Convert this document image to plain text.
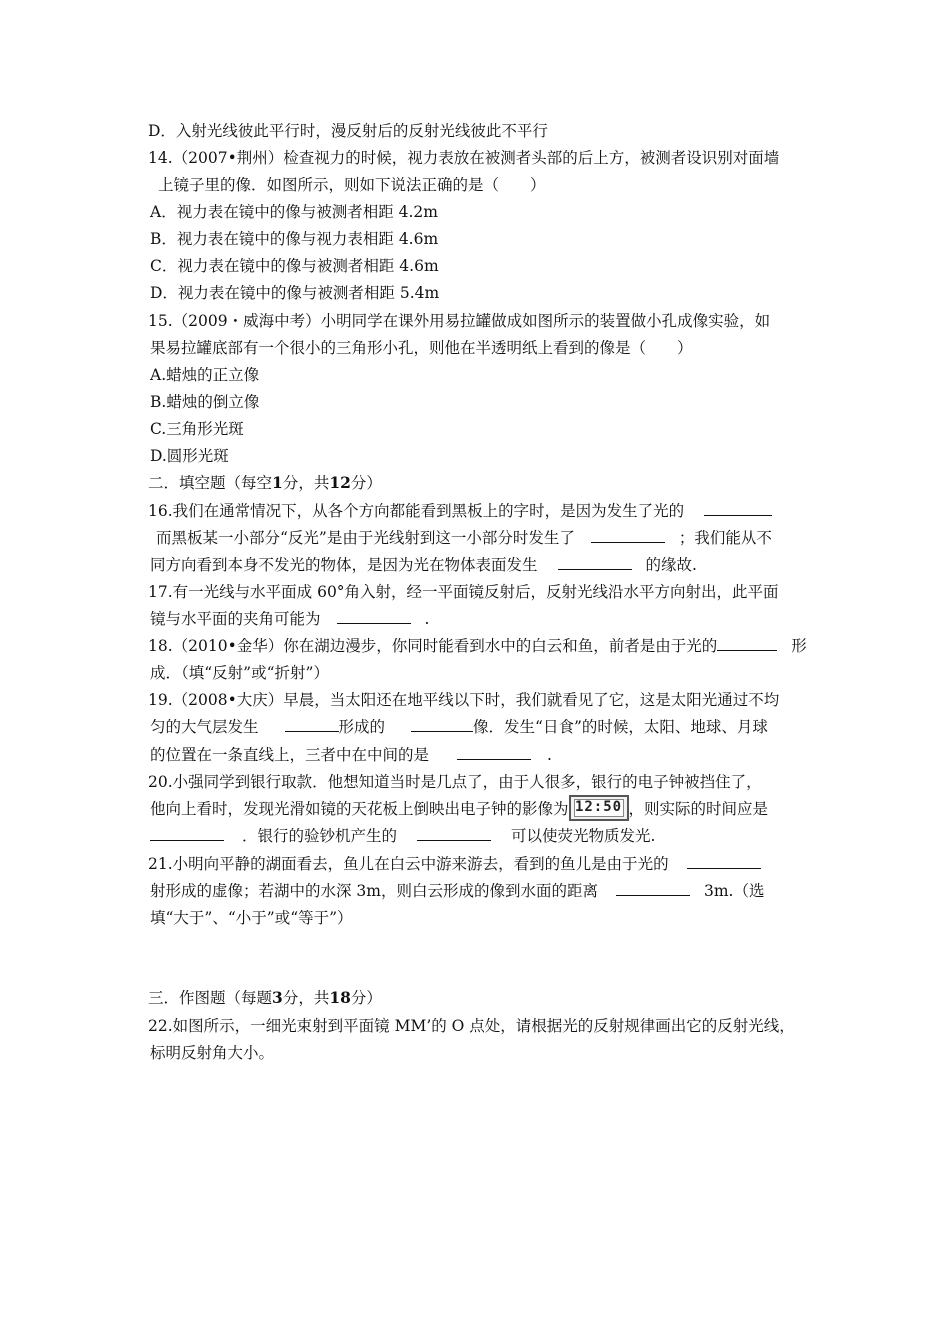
D．入射光线彼此平行时，漫反射后的反射光线彼此不平行
14.（2007•荆州）检查视力的时候，视力表放在被测者头部的后上方，被测者设识别对面墙
上镜子里的像．如图所示，则如下说法正确的是（　　）
A．视力表在镜中的像与被测者相距 4.2m
B．视力表在镜中的像与视力表相距 4.6m
C．视力表在镜中的像与被测者相距 4.6m
D．视力表在镜中的像与被测者相距 5.4m
15.（2009・威海中考）小明同学在课外用易拉罐做成如图所示的装置做小孔成像实验，如
果易拉罐底部有一个很小的三角形小孔，则他在半透明纸上看到的像是（　　）
A.蜡烛的正立像
B.蜡烛的倒立像
C.三角形光斑
D.圆形光斑
二．填空题（每空1分，共12分）
16.我们在通常情况下，从各个方向都能看到黑板上的字时，是因为发生了光的
而黑板某一小部分“反光”是由于光线射到这一小部分时发生了	；我们能从不
同方向看到本身不发光的物体，是因为光在物体表面发生	的缘故.
17.有一光线与水平面成 60°角入射，经一平面镜反射后，反射光线沿水平方向射出，此平面
镜与水平面的夹角可能为	.
18.（2010•金华）你在湖边漫步，你同时能看到水中的白云和鱼，前者是由于光的	形
成．（填“反射”或“折射”）
19.（2008•大庆）早晨，当太阳还在地平线以下时，我们就看见了它，这是太阳光通过不均
匀的大气层发生	形成的	像．发生“日食”的时候，太阳、地球、月球
的位置在一条直线上，三者中在中间的是	.
20.小强同学到银行取款．他想知道当时是几点了，由于人很多，银行的电子钟被挡住了，
他向上看时，发现光滑如镜的天花板上倒映出电子钟的影像为 12:50 ，则实际的时间应是
．银行的验钞机产生的	可以使荧光物质发光.
21.小明向平静的湖面看去，鱼儿在白云中游来游去，看到的鱼儿是由于光的
射形成的虚像；若湖中的水深 3m，则白云形成的像到水面的距离	3m.（选
填“大于”、“小于”或“等于”）
三．作图题（每题3分，共18分）
22.如图所示，一细光束射到平面镜 MM’的 O 点处，请根据光的反射规律画出它的反射光线，
标明反射角大小。
